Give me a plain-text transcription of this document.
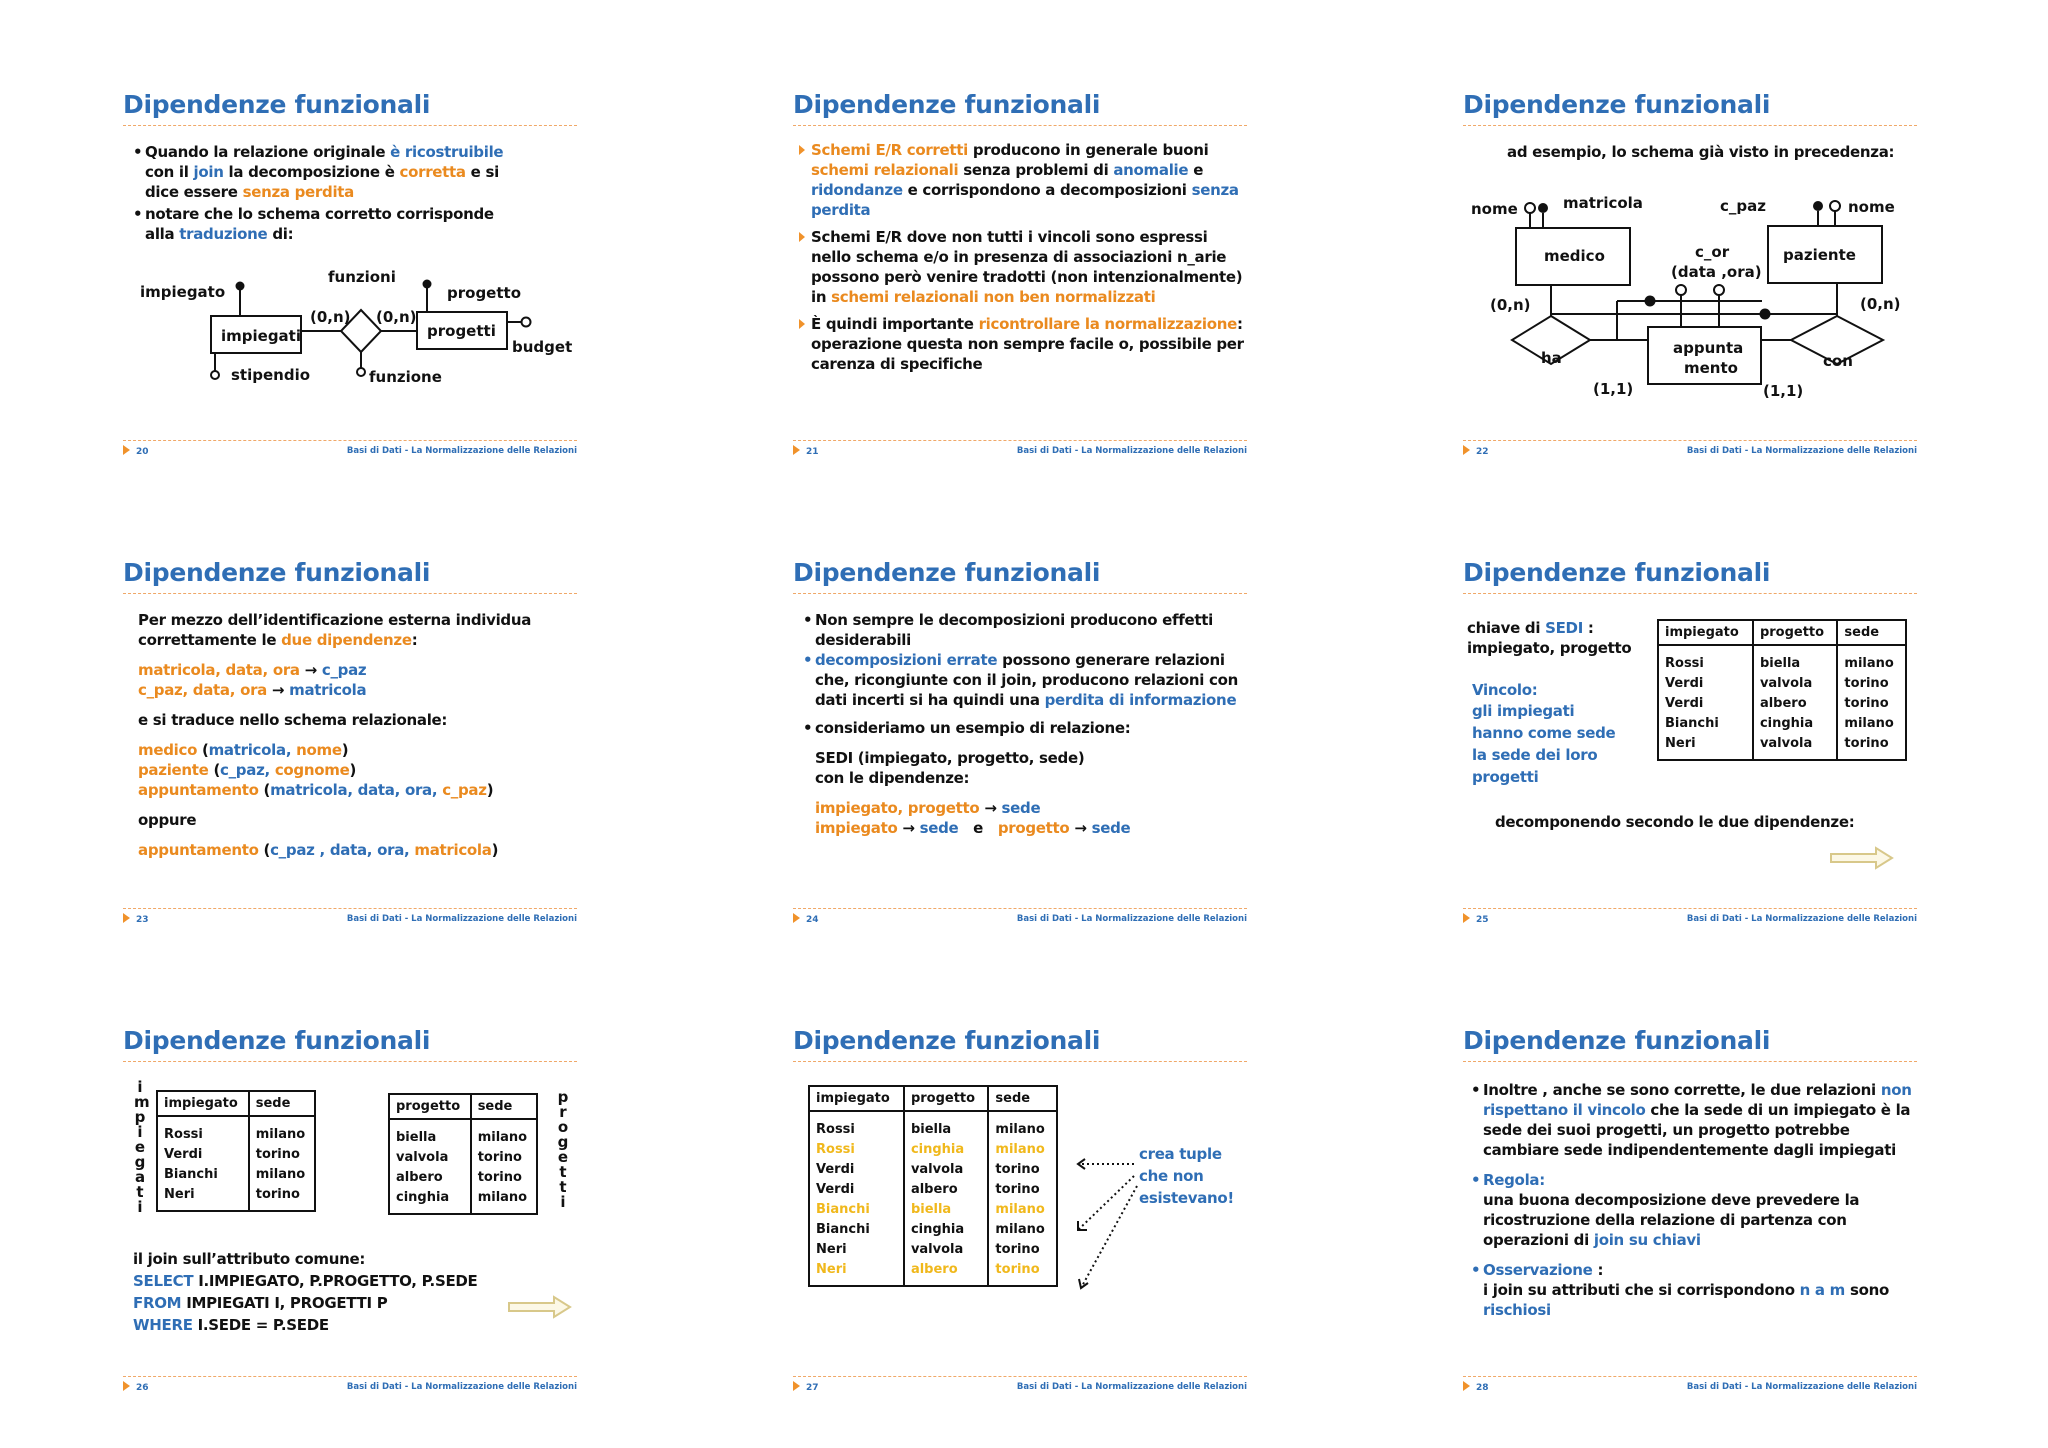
Dipendenze funzionali

• Quando la relazione originale è ricostruibile con il join la decomposizione è corretta e si dice essere senza perdita

• notare che lo schema corretto corrisponde alla traduzione di:

impiegato
impiegati
stipendio
funzioni
funzione
(0,n) (0,n)
progetti
progetto
budget
20	Basi di Dati - La Normalizzazione delle Relazioni
Dipendenze funzionali

Schemi E/R corretti producono in generale buoni schemi relazionali senza problemi di anomalie e ridondanze e corrispondono a decomposizioni senza perdita

Schemi E/R dove non tutti i vincoli sono espressi nello schema e/o in presenza di associazioni n_arie possono però venire tradotti (non intenzionalmente) in schemi relazionali non ben normalizzati

È quindi importante ricontrollare la normalizzazione: operazione questa non sempre facile o, possibile per carenza di specifiche

21	Basi di Dati - La Normalizzazione delle Relazioni
Dipendenze funzionali
ad esempio, lo schema già visto in precedenza:
nome	matricola
medico
c_paz	nome
paziente
c_or
(data ,ora)
(0,n)	(0,n)
ha
appunta
mento	con
(1,1)	(1,1)
22	Basi di Dati - La Normalizzazione delle Relazioni
Dipendenze funzionali

Per mezzo dell’identificazione esterna individua correttamente le due dipendenze:

matricola, data, ora → c_paz

c_paz, data, ora → matricola

e si traduce nello schema relazionale:

medico (matricola, nome)

paziente (c_paz, cognome)

appuntamento (matricola, data, ora, c_paz)

oppure

appuntamento (c_paz , data, ora, matricola)

23	Basi di Dati - La Normalizzazione delle Relazioni
Dipendenze funzionali

• Non sempre le decomposizioni producono effetti desiderabili

• decomposizioni errate possono generare relazioni che, ricongiunte con il join, producono relazioni con dati incerti si ha quindi una perdita di informazione

• consideriamo un esempio di relazione:

SEDI (impiegato, progetto, sede)

con le dipendenze:

impiegato, progetto → sede

impiegato → sede   e   progetto → sede

24	Basi di Dati - La Normalizzazione delle Relazioni
Dipendenze funzionali

chiave di SEDI :

impiegato, progetto

Vincolo:

gli impiegati hanno come sede la sede dei loro progetti

impiegato	progetto	sede
Rossi	biella	milano
Verdi	valvola	torino
Verdi	albero	torino
Bianchi	cinghia	milano
Neri	valvola	torino
decomponendo secondo le due dipendenze:
25	Basi di Dati - La Normalizzazione delle Relazioni
Dipendenze funzionali
impiegati
impiegato	sede
Rossi	milano
Verdi	torino
Bianchi	milano
Neri	torino
progetto	sede
biella	milano
valvola	torino
albero	torino
cinghia	milano
progetti

il join sull’attributo comune:

SELECT I.IMPIEGATO, P.PROGETTO, P.SEDE

FROM IMPIEGATI I, PROGETTI P

WHERE I.SEDE = P.SEDE

26	Basi di Dati - La Normalizzazione delle Relazioni
Dipendenze funzionali
impiegato	progetto	sede
Rossi	biella	milano
Rossi	cinghia	milano
Verdi	valvola	torino
Verdi	albero	torino
Bianchi	biella	milano
Bianchi	cinghia	milano
Neri	valvola	torino
Neri	albero	torino

crea tuple

che non

esistevano!

27	Basi di Dati - La Normalizzazione delle Relazioni
Dipendenze funzionali

• Inoltre , anche se sono corrette, le due relazioni non rispettano il vincolo che la sede di un impiegato è la sede dei suoi progetti, un progetto potrebbe cambiare sede indipendentemente dagli impiegati

• Regola:

una buona decomposizione deve prevedere la ricostruzione della relazione di partenza con operazioni di join su chiavi

• Osservazione :

i join su attributi che si corrispondono n a m sono rischiosi

28	Basi di Dati - La Normalizzazione delle Relazioni
